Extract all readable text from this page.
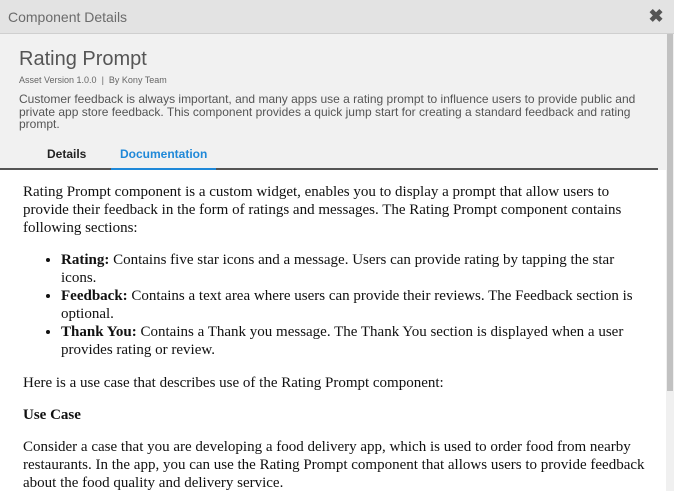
Component Details	✖
Rating Prompt
Asset Version 1.0.0 | By Kony Team
Customer feedback is always important, and many apps use a rating prompt to influence users to provide public and private app store feedback. This component provides a quick jump start for creating a standard feedback and rating prompt.
Details	Documentation

Rating Prompt component is a custom widget, enables you to display a prompt that allow users to provide their feedback in the form of ratings and messages. The Rating Prompt component contains following sections:

• Rating: Contains five star icons and a message. Users can provide rating by tapping the star icons.
• Feedback: Contains a text area where users can provide their reviews. The Feedback section is optional.
• Thank You: Contains a Thank you message. The Thank You section is displayed when a user provides rating or review.

Here is a use case that describes use of the Rating Prompt component:

Use Case

Consider a case that you are developing a food delivery app, which is used to order food from nearby restaurants. In the app, you can use the Rating Prompt component that allows users to provide feedback about the food quality and delivery service.
